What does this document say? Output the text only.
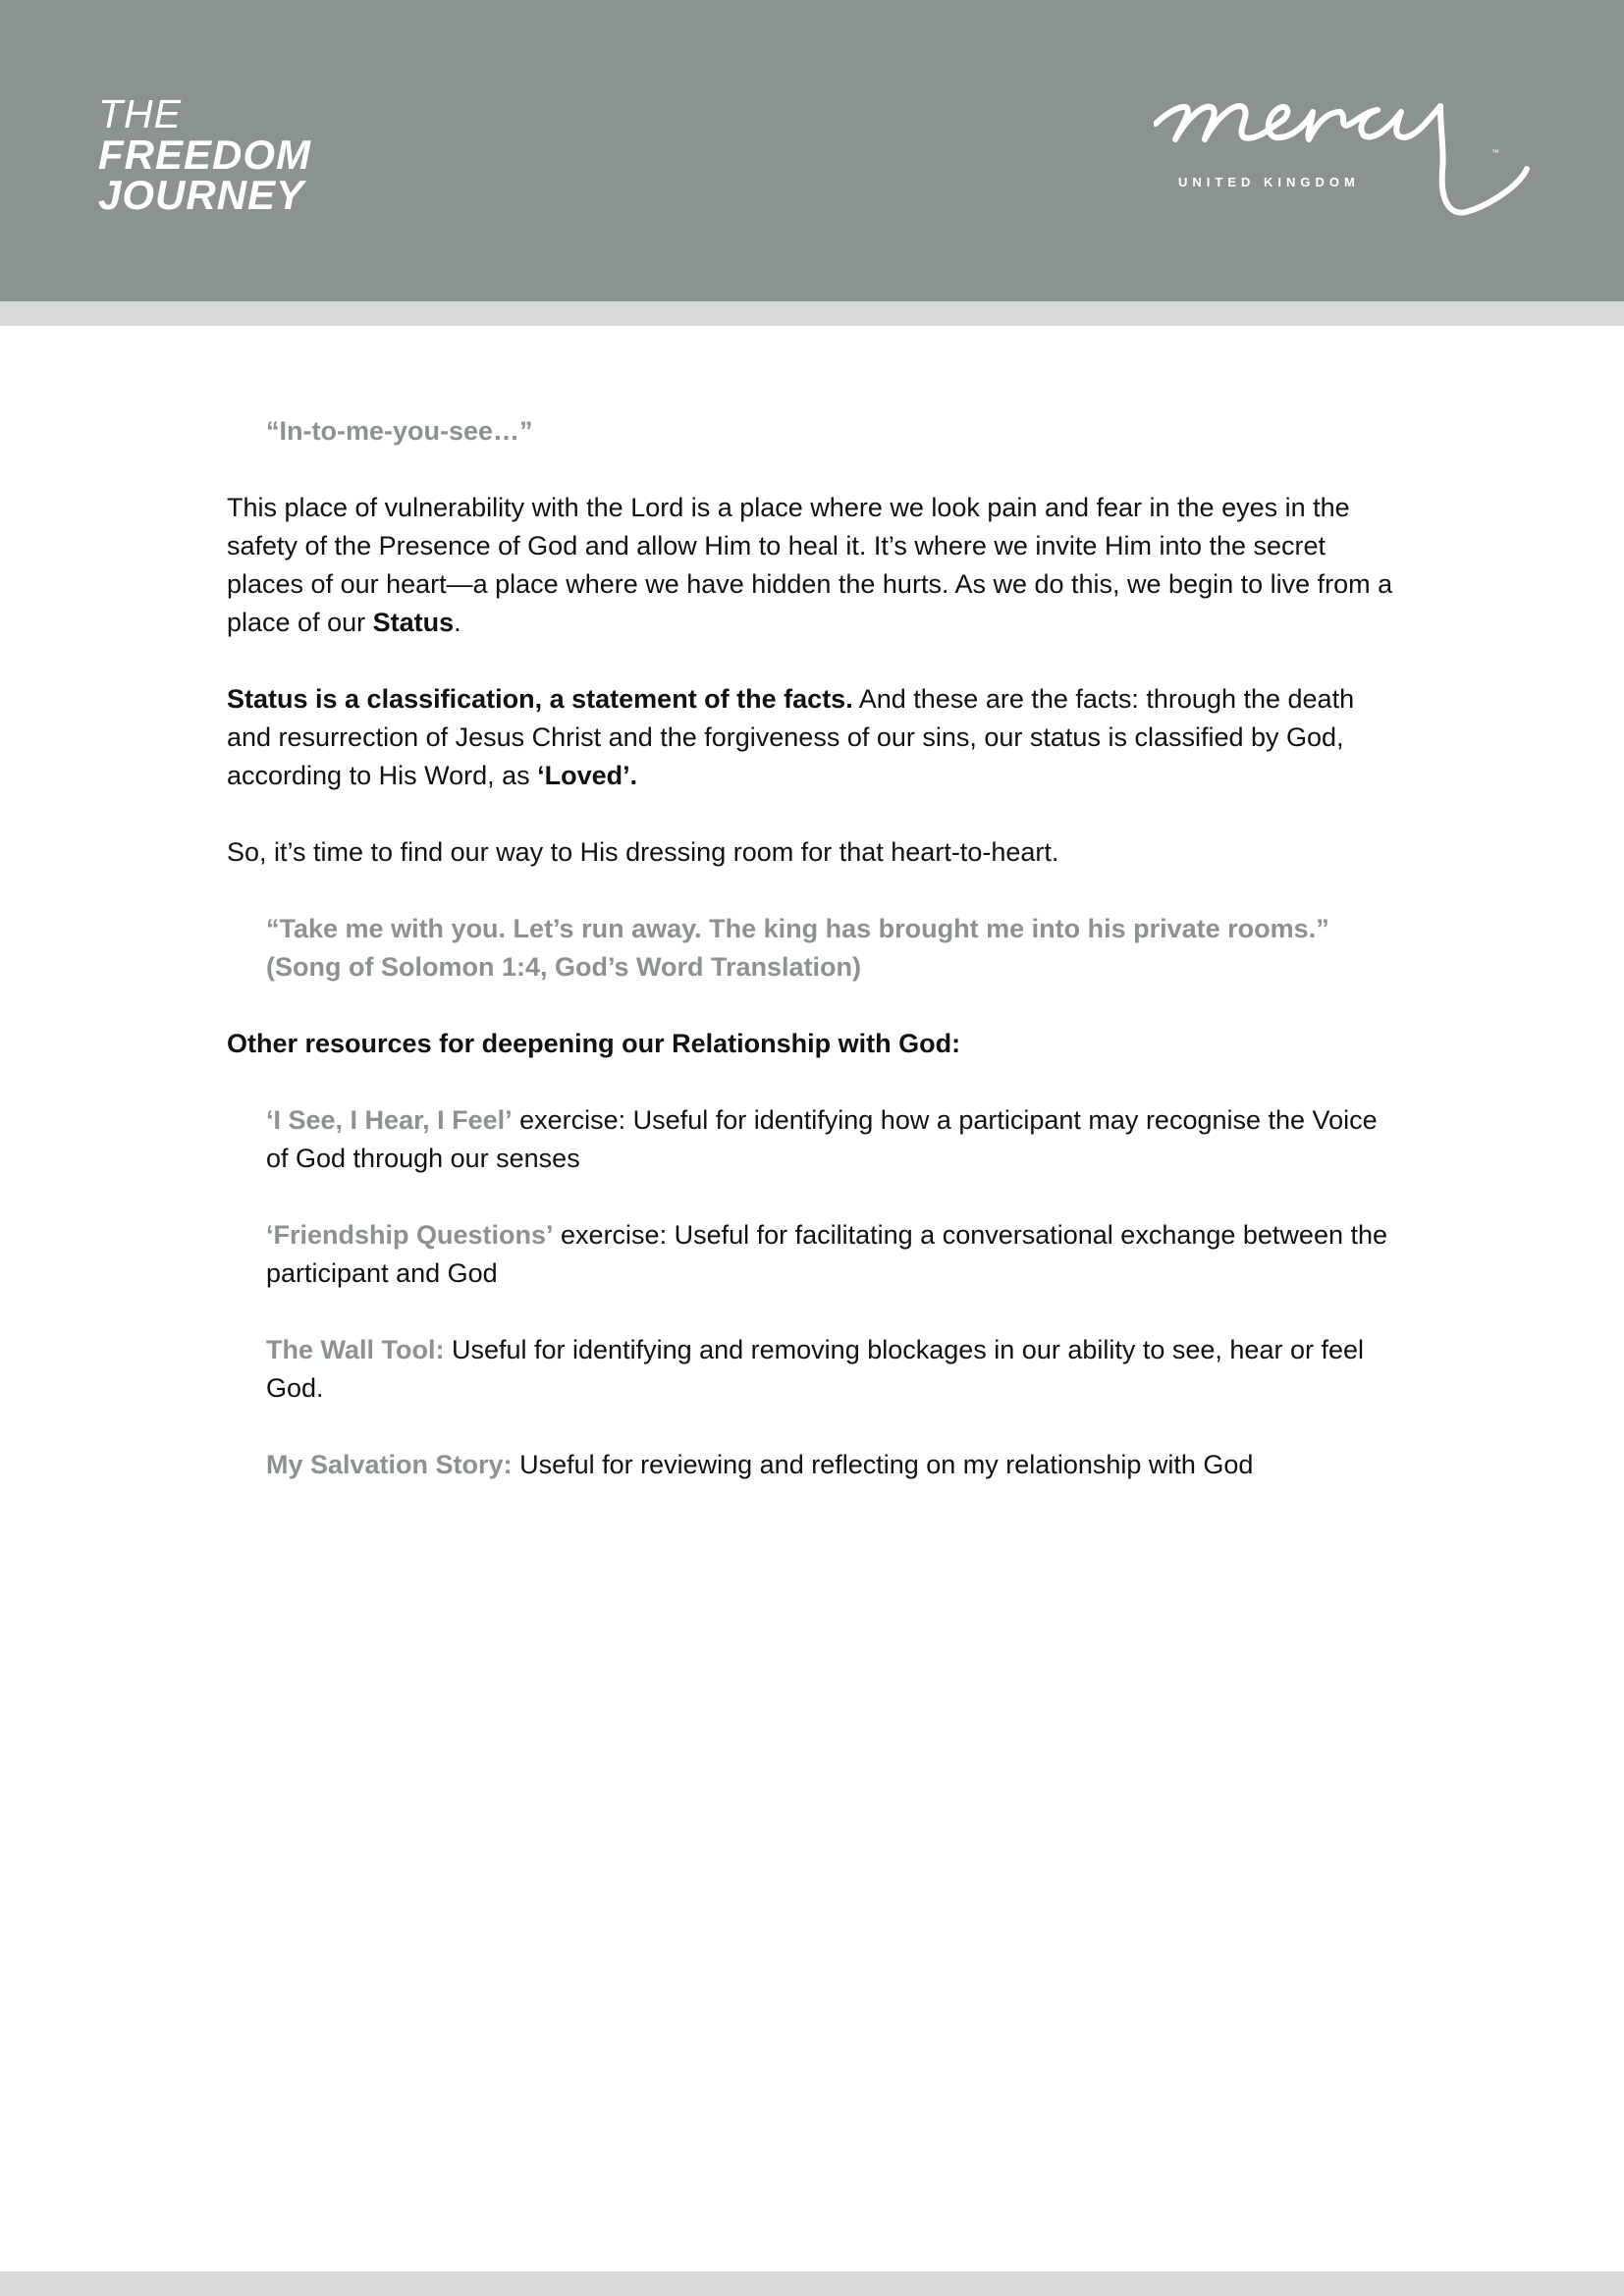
THE
FREEDOM
JOURNEY	UNITED KINGDOM
™

“In-to-me-you-see…”

This place of vulnerability with the Lord is a place where we look pain and fear in the eyes in the safety of the Presence of God and allow Him to heal it. It’s where we invite Him into the secret places of our heart—a place where we have hidden the hurts. As we do this, we begin to live from a place of our Status.

Status is a classification, a statement of the facts. And these are the facts: through the death and resurrection of Jesus Christ and the forgiveness of our sins, our status is classified by God, according to His Word, as ‘Loved’.

So, it’s time to find our way to His dressing room for that heart-to-heart.

“Take me with you. Let’s run away. The king has brought me into his private rooms.”
(Song of Solomon 1:4, God’s Word Translation)

Other resources for deepening our Relationship with God:

‘I See, I Hear, I Feel’ exercise: Useful for identifying how a participant may recognise the Voice of God through our senses

‘Friendship Questions’ exercise: Useful for facilitating a conversational exchange between the participant and God

The Wall Tool: Useful for identifying and removing blockages in our ability to see, hear or feel God.

My Salvation Story: Useful for reviewing and reflecting on my relationship with God
